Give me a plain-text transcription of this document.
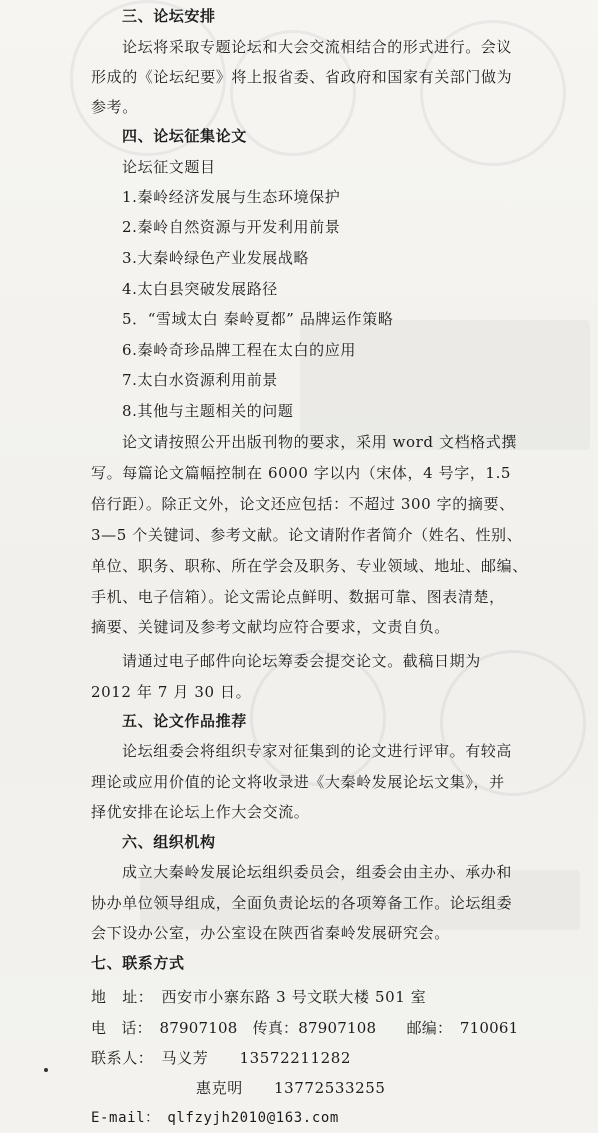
三、论坛安排
论坛将采取专题论坛和大会交流相结合的形式进行。会议
形成的《论坛纪要》将上报省委、省政府和国家有关部门做为
参考。
四、论坛征集论文
论坛征文题目
1.秦岭经济发展与生态环境保护
2.秦岭自然资源与开发利用前景
3.大秦岭绿色产业发展战略
4.太白县突破发展路径
5．“雪域太白 秦岭夏都” 品牌运作策略
6.秦岭奇珍品牌工程在太白的应用
7.太白水资源利用前景
8.其他与主题相关的问题
论文请按照公开出版刊物的要求，采用 word 文档格式撰
写。每篇论文篇幅控制在 6000 字以内（宋体，4 号字，1.5
倍行距）。除正文外，论文还应包括：不超过 300 字的摘要、
3—5 个关键词、参考文献。论文请附作者简介（姓名、性别、
单位、职务、职称、所在学会及职务、专业领域、地址、邮编、
手机、电子信箱）。论文需论点鲜明、数据可靠、图表清楚，
摘要、关键词及参考文献均应符合要求，文责自负。
请通过电子邮件向论坛筹委会提交论文。截稿日期为
2012 年 7 月 30 日。
五、论文作品推荐
论坛组委会将组织专家对征集到的论文进行评审。有较高
理论或应用价值的论文将收录进《大秦岭发展论坛文集》，并
择优安排在论坛上作大会交流。
六、组织机构
成立大秦岭发展论坛组织委员会，组委会由主办、承办和
协办单位领导组成，全面负责论坛的各项筹备工作。论坛组委
会下设办公室，办公室设在陕西省秦岭发展研究会。
七、联系方式
地　址：　西安市小寨东路 3 号文联大楼 501 室
电　话：　87907108　传真：87907108　　邮编：　710061
联系人：　马义芳　　13572211282
惠克明　　13772533255
E-mail：　qlfzyjh2010@163.com
